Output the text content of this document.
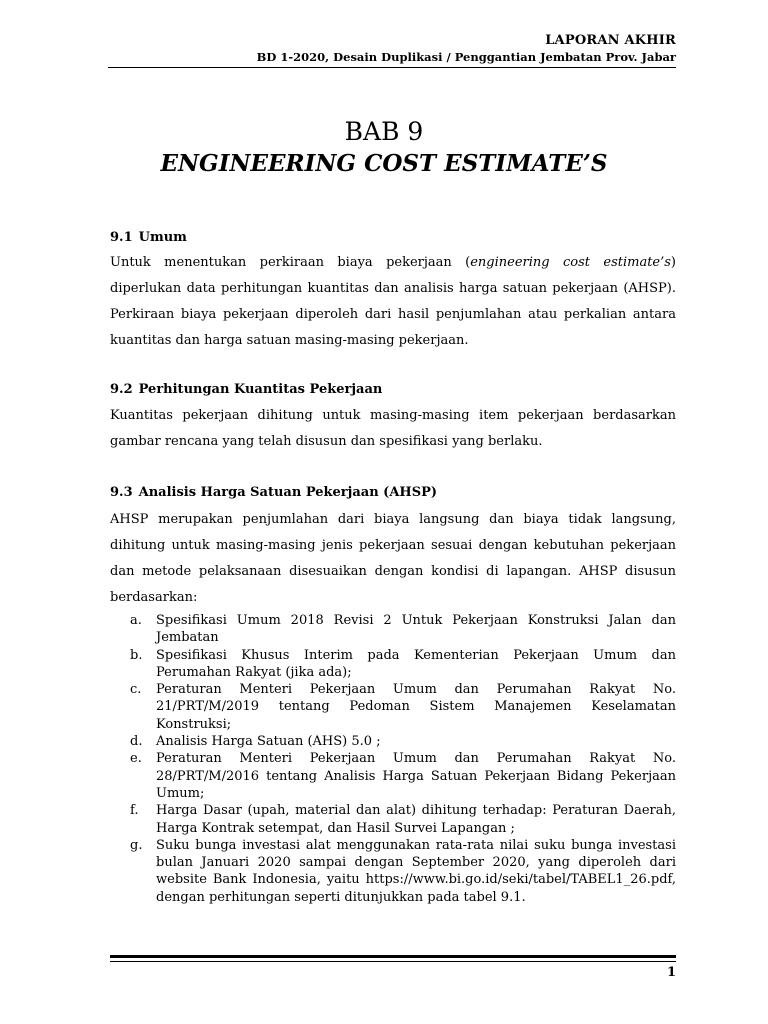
LAPORAN AKHIR
BD 1-2020, Desain Duplikasi / Penggantian Jembatan Prov. Jabar
BAB 9
ENGINEERING COST ESTIMATE’S
9.1 Umum

Untuk menentukan perkiraan biaya pekerjaan (engineering cost estimate’s) diperlukan data perhitungan kuantitas dan analisis harga satuan pekerjaan (AHSP). Perkiraan biaya pekerjaan diperoleh dari hasil penjumlahan atau perkalian antara kuantitas dan harga satuan masing-masing pekerjaan.

9.2 Perhitungan Kuantitas Pekerjaan

Kuantitas pekerjaan dihitung untuk masing-masing item pekerjaan berdasarkan gambar rencana yang telah disusun dan spesifikasi yang berlaku.

9.3 Analisis Harga Satuan Pekerjaan (AHSP)

AHSP merupakan penjumlahan dari biaya langsung dan biaya tidak langsung, dihitung untuk masing-masing jenis pekerjaan sesuai dengan kebutuhan pekerjaan dan metode pelaksanaan disesuaikan dengan kondisi di lapangan. AHSP disusun berdasarkan:

a. Spesifikasi Umum 2018 Revisi 2 Untuk Pekerjaan Konstruksi Jalan dan Jembatan
b. Spesifikasi Khusus Interim pada Kementerian Pekerjaan Umum dan Perumahan Rakyat (jika ada);
c. Peraturan Menteri Pekerjaan Umum dan Perumahan Rakyat No. 21/PRT/M/2019 tentang Pedoman Sistem Manajemen Keselamatan Konstruksi;
d. Analisis Harga Satuan (AHS) 5.0 ;
e. Peraturan Menteri Pekerjaan Umum dan Perumahan Rakyat No. 28/PRT/M/2016 tentang Analisis Harga Satuan Pekerjaan Bidang Pekerjaan Umum;
f. Harga Dasar (upah, material dan alat) dihitung terhadap: Peraturan Daerah, Harga Kontrak setempat, dan Hasil Survei Lapangan ;
g. Suku bunga investasi alat menggunakan rata-rata nilai suku bunga investasi bulan Januari 2020 sampai dengan September 2020, yang diperoleh dari website Bank Indonesia, yaitu https://www.bi.go.id/seki/tabel/TABEL1_26.pdf, dengan perhitungan seperti ditunjukkan pada tabel 9.1.
1
